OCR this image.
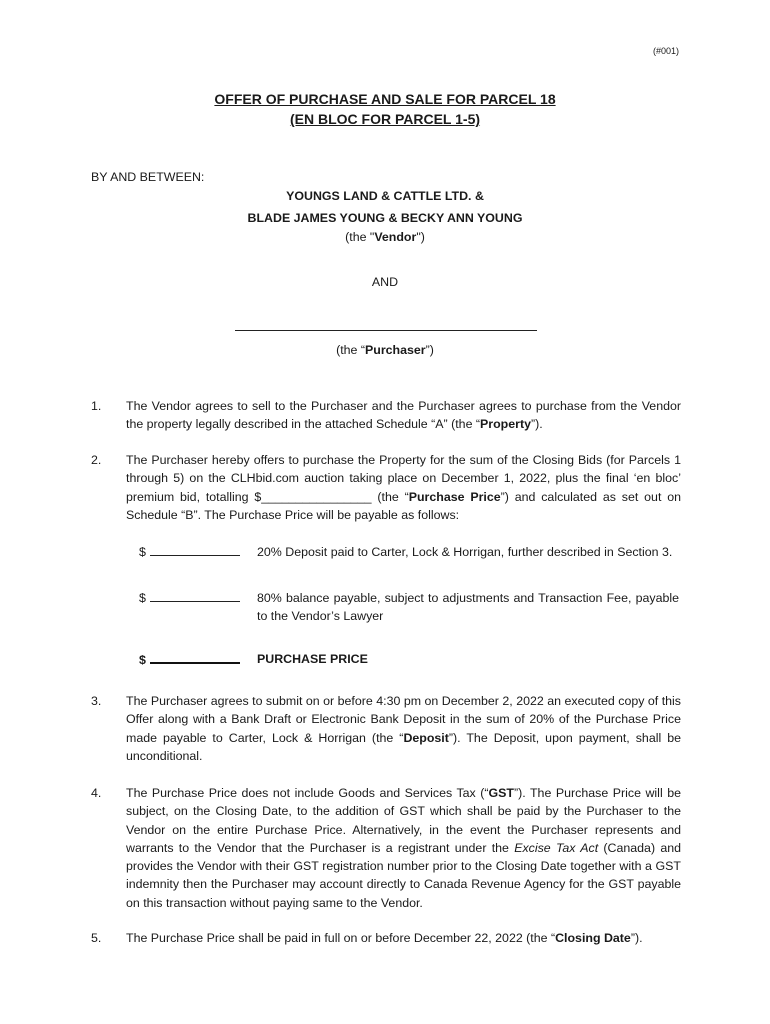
(#001)
OFFER OF PURCHASE AND SALE FOR PARCEL 18
(EN BLOC FOR PARCEL 1-5)
BY AND BETWEEN:
YOUNGS LAND & CATTLE LTD. &
BLADE JAMES YOUNG & BECKY ANN YOUNG
(the "Vendor")
AND
(the “Purchaser”)
1.	The Vendor agrees to sell to the Purchaser and the Purchaser agrees to purchase from the Vendor the property legally described in the attached Schedule “A” (the “Property”).
2.	The Purchaser hereby offers to purchase the Property for the sum of the Closing Bids (for Parcels 1 through 5) on the CLHbid.com auction taking place on December 1, 2022, plus the final ‘en bloc’ premium bid, totalling $________________ (the “Purchase Price”) and calculated as set out on Schedule “B”. The Purchase Price will be payable as follows:
$	20% Deposit paid to Carter, Lock & Horrigan, further described in Section 3.
$	80% balance payable, subject to adjustments and Transaction Fee, payable to the Vendor’s Lawyer
$	PURCHASE PRICE
3.	The Purchaser agrees to submit on or before 4:30 pm on December 2, 2022 an executed copy of this Offer along with a Bank Draft or Electronic Bank Deposit in the sum of 20% of the Purchase Price made payable to Carter, Lock & Horrigan (the “Deposit”). The Deposit, upon payment, shall be unconditional.
4.	The Purchase Price does not include Goods and Services Tax (“GST”). The Purchase Price will be subject, on the Closing Date, to the addition of GST which shall be paid by the Purchaser to the Vendor on the entire Purchase Price. Alternatively, in the event the Purchaser represents and warrants to the Vendor that the Purchaser is a registrant under the Excise Tax Act (Canada) and provides the Vendor with their GST registration number prior to the Closing Date together with a GST indemnity then the Purchaser may account directly to Canada Revenue Agency for the GST payable on this transaction without paying same to the Vendor.
5.	The Purchase Price shall be paid in full on or before December 22, 2022 (the “Closing Date”).
